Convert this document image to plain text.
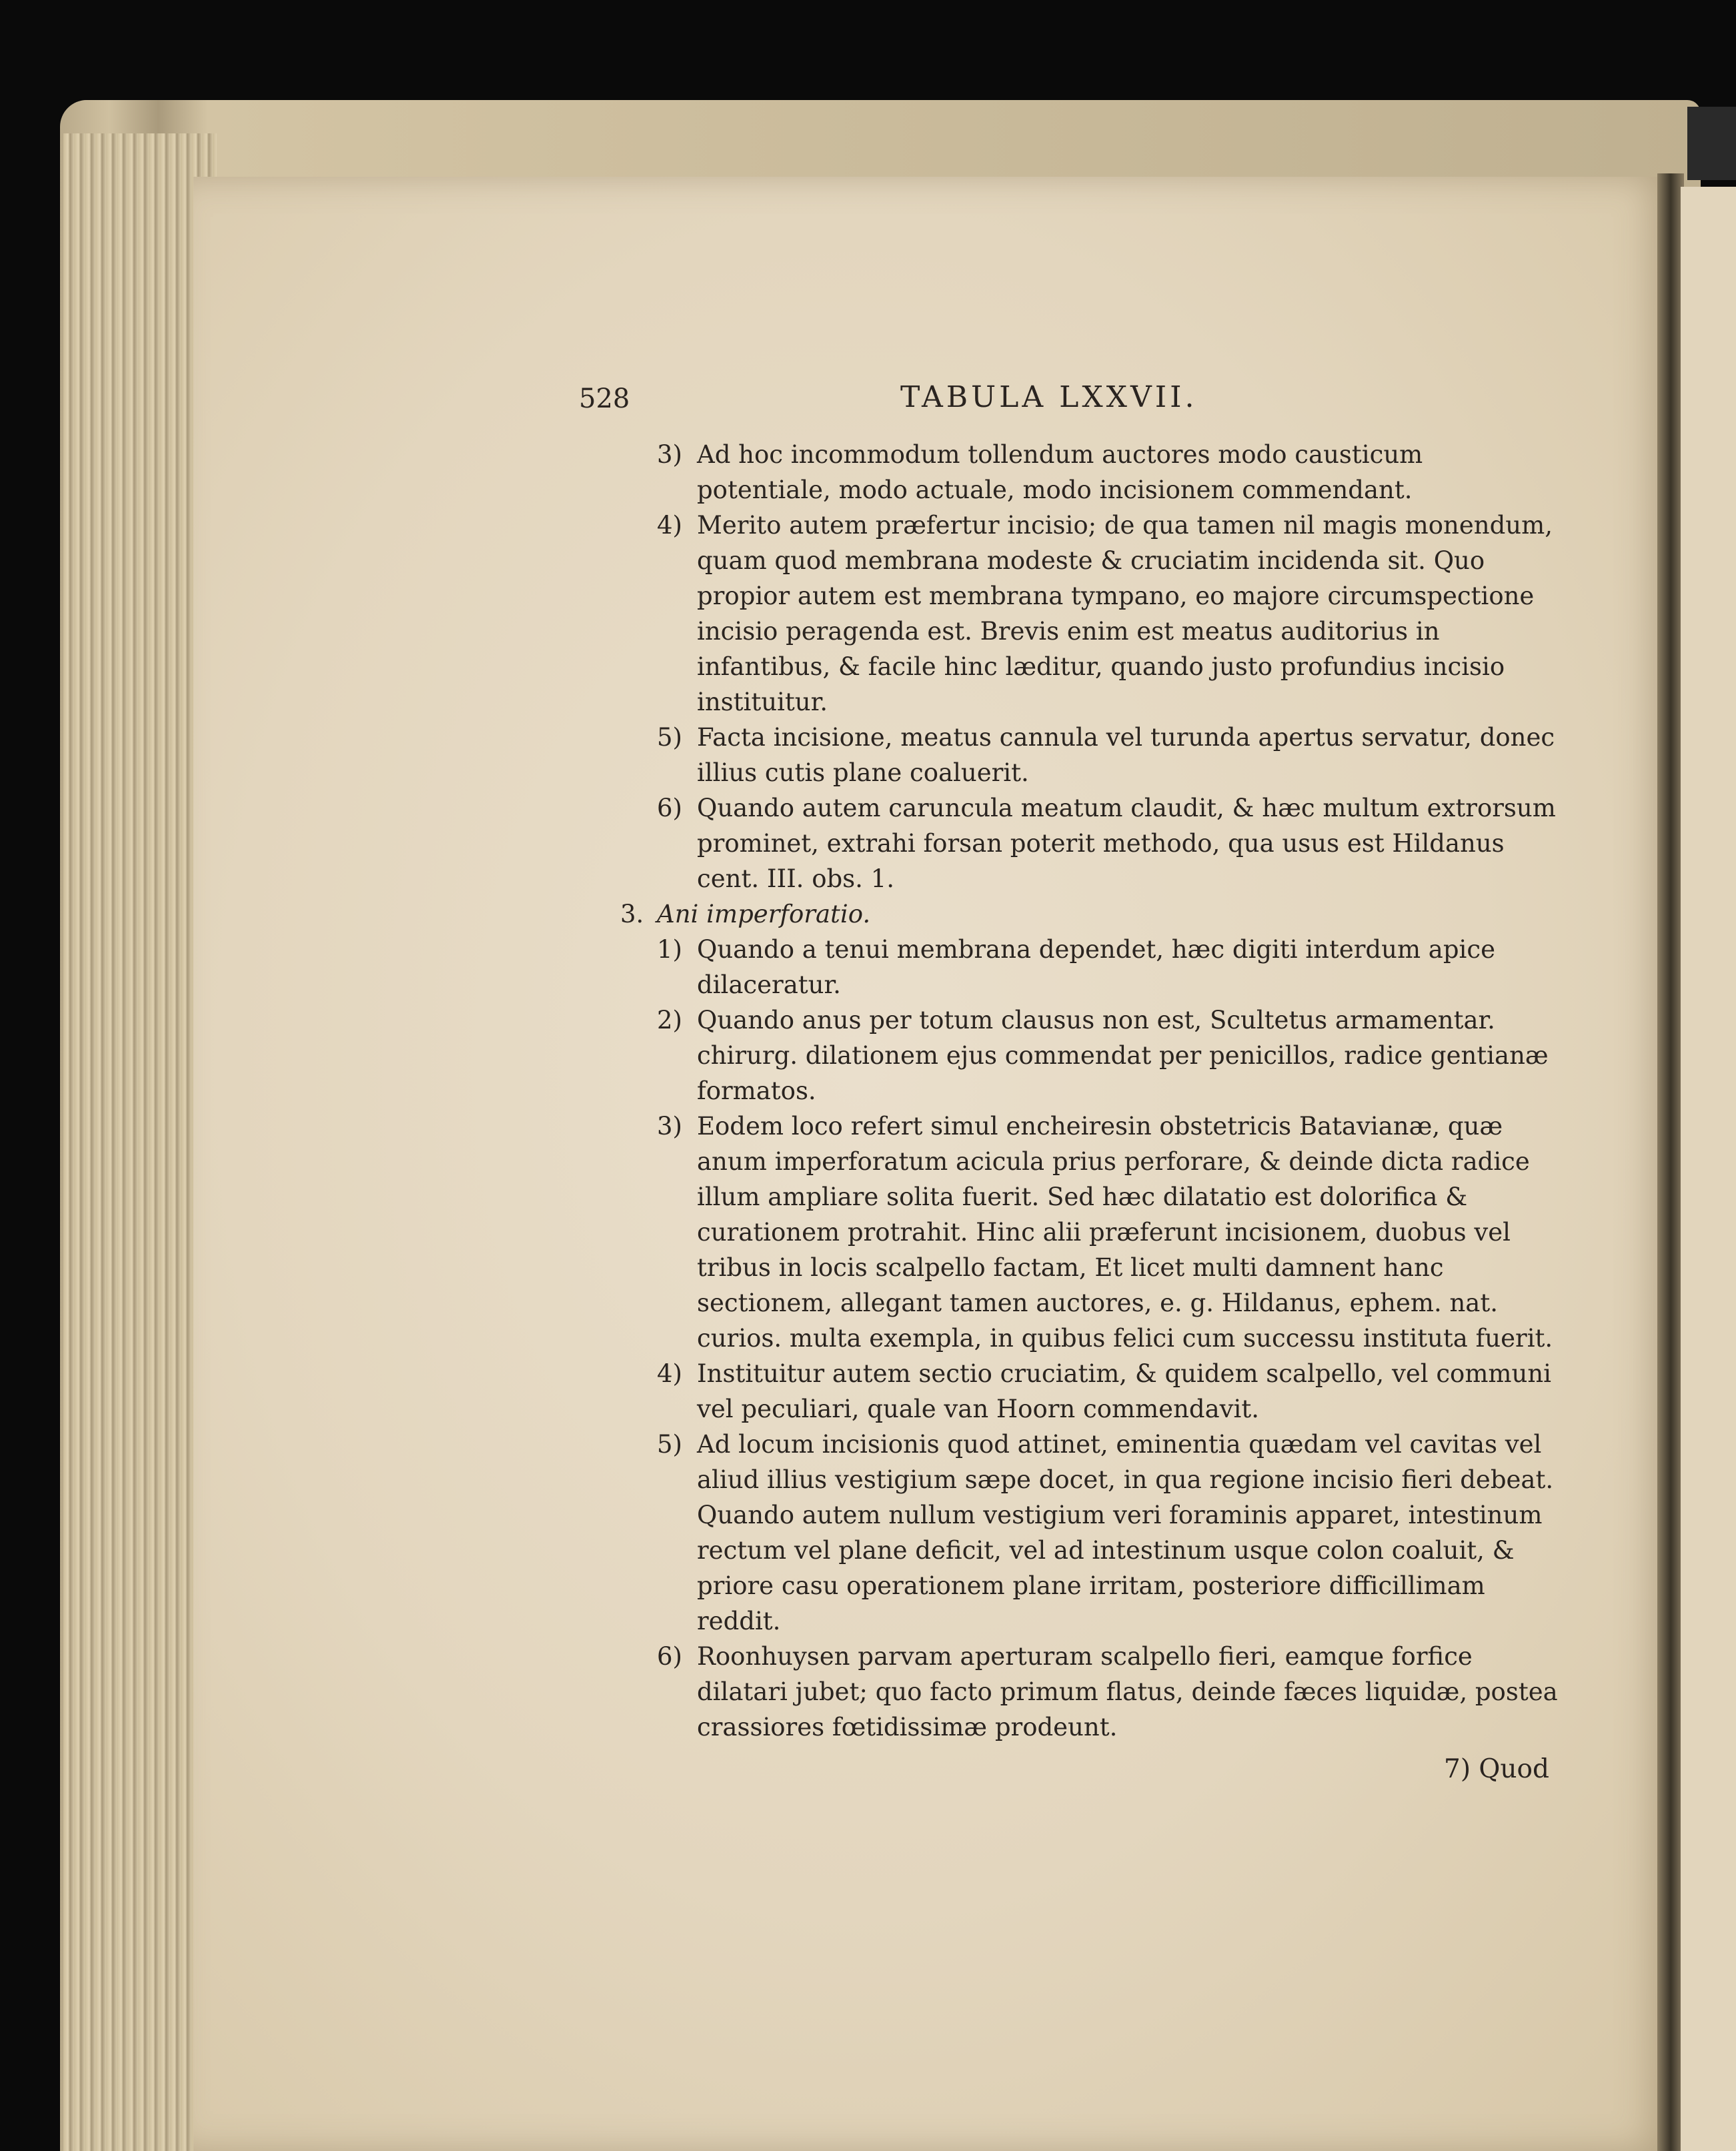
528	TABULA LXXVII.
3) Ad hoc incommodum tollendum auctores modo causticum potentiale, modo actuale, modo incisionem commendant.
4) Merito autem præfertur incisio; de qua tamen nil magis monendum, quam quod membrana modeste & cruciatim incidenda sit. Quo propior autem est membrana tympano, eo majore circumspectione incisio peragenda est. Brevis enim est meatus auditorius in infantibus, & facile hinc læditur, quando justo profundius incisio instituitur.
5) Facta incisione, meatus cannula vel turunda apertus servatur, donec illius cutis plane coaluerit.
6) Quando autem caruncula meatum claudit, & hæc multum extrorsum prominet, extrahi forsan poterit methodo, qua usus est Hildanus cent. III. obs. 1.
3. Ani imperforatio.
1) Quando a tenui membrana dependet, hæc digiti interdum apice dilaceratur.
2) Quando anus per totum clausus non est, Scultetus armamentar. chirurg. dilationem ejus commendat per penicillos, radice gentianæ formatos.
3) Eodem loco refert simul encheiresin obstetricis Batavianæ, quæ anum imperforatum acicula prius perforare, & deinde dicta radice illum ampliare solita fuerit. Sed hæc dilatatio est dolorifica & curationem protrahit. Hinc alii præferunt incisionem, duobus vel tribus in locis scalpello factam, Et licet multi damnent hanc sectionem, allegant tamen auctores, e. g. Hildanus, ephem. nat. curios. multa exempla, in quibus felici cum successu instituta fuerit.
4) Instituitur autem sectio cruciatim, & quidem scalpello, vel communi vel peculiari, quale van Hoorn commendavit.
5) Ad locum incisionis quod attinet, eminentia quædam vel cavitas vel aliud illius vestigium sæpe docet, in qua regione incisio fieri debeat. Quando autem nullum vestigium veri foraminis apparet, intestinum rectum vel plane deficit, vel ad intestinum usque colon coaluit, & priore casu operationem plane irritam, posteriore difficillimam reddit.
6) Roonhuysen parvam aperturam scalpello fieri, eamque forfice dilatari jubet; quo facto primum flatus, deinde fæces liquidæ, postea crassiores fœtidissimæ prodeunt.
7) Quod
